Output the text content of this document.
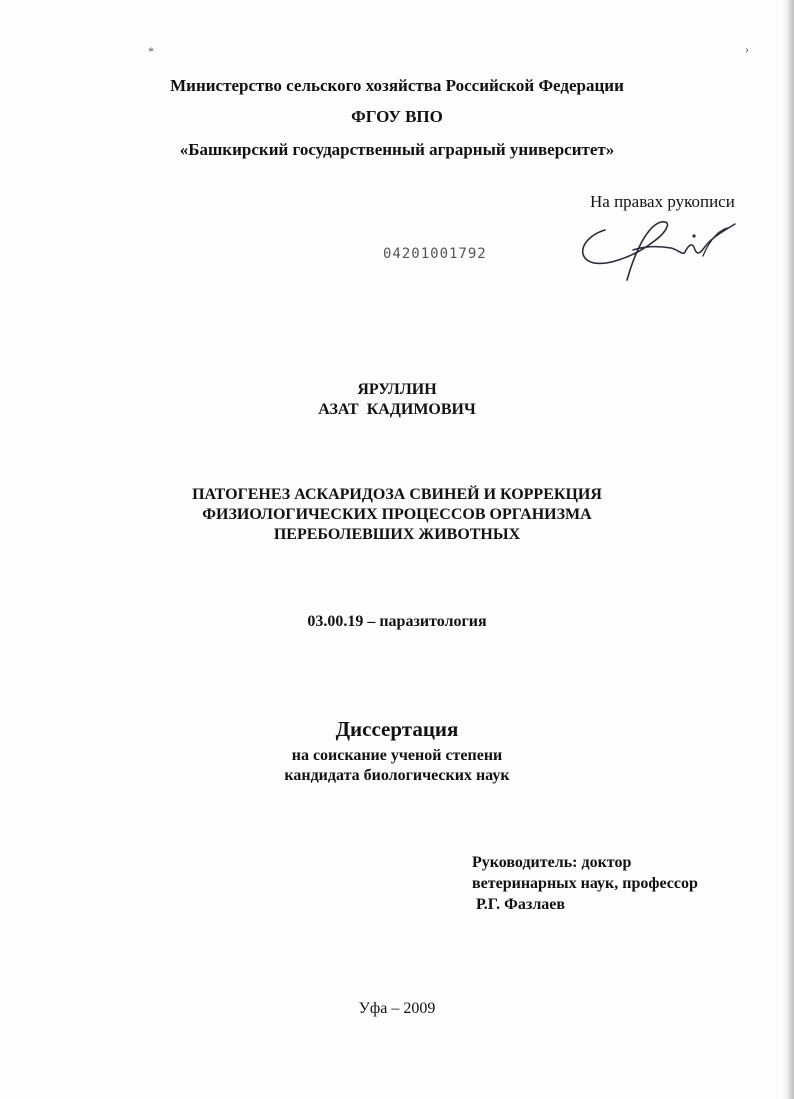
*	›
Министерство сельского хозяйства Российской Федерации
ФГОУ ВПО
«Башкирский государственный аграрный университет»
На правах рукописи
04201001792
ЯРУЛЛИН
АЗАТ  КАДИМОВИЧ
ПАТОГЕНЕЗ АСКАРИДОЗА СВИНЕЙ И КОРРЕКЦИЯ
ФИЗИОЛОГИЧЕСКИХ ПРОЦЕССОВ ОРГАНИЗМА
ПЕРЕБОЛЕВШИХ ЖИВОТНЫХ
03.00.19 – паразитология
Диссертация
на соискание ученой степени
кандидата биологических наук
Руководитель: доктор
ветеринарных наук, профессор
Р.Г. Фазлаев
Уфа – 2009
